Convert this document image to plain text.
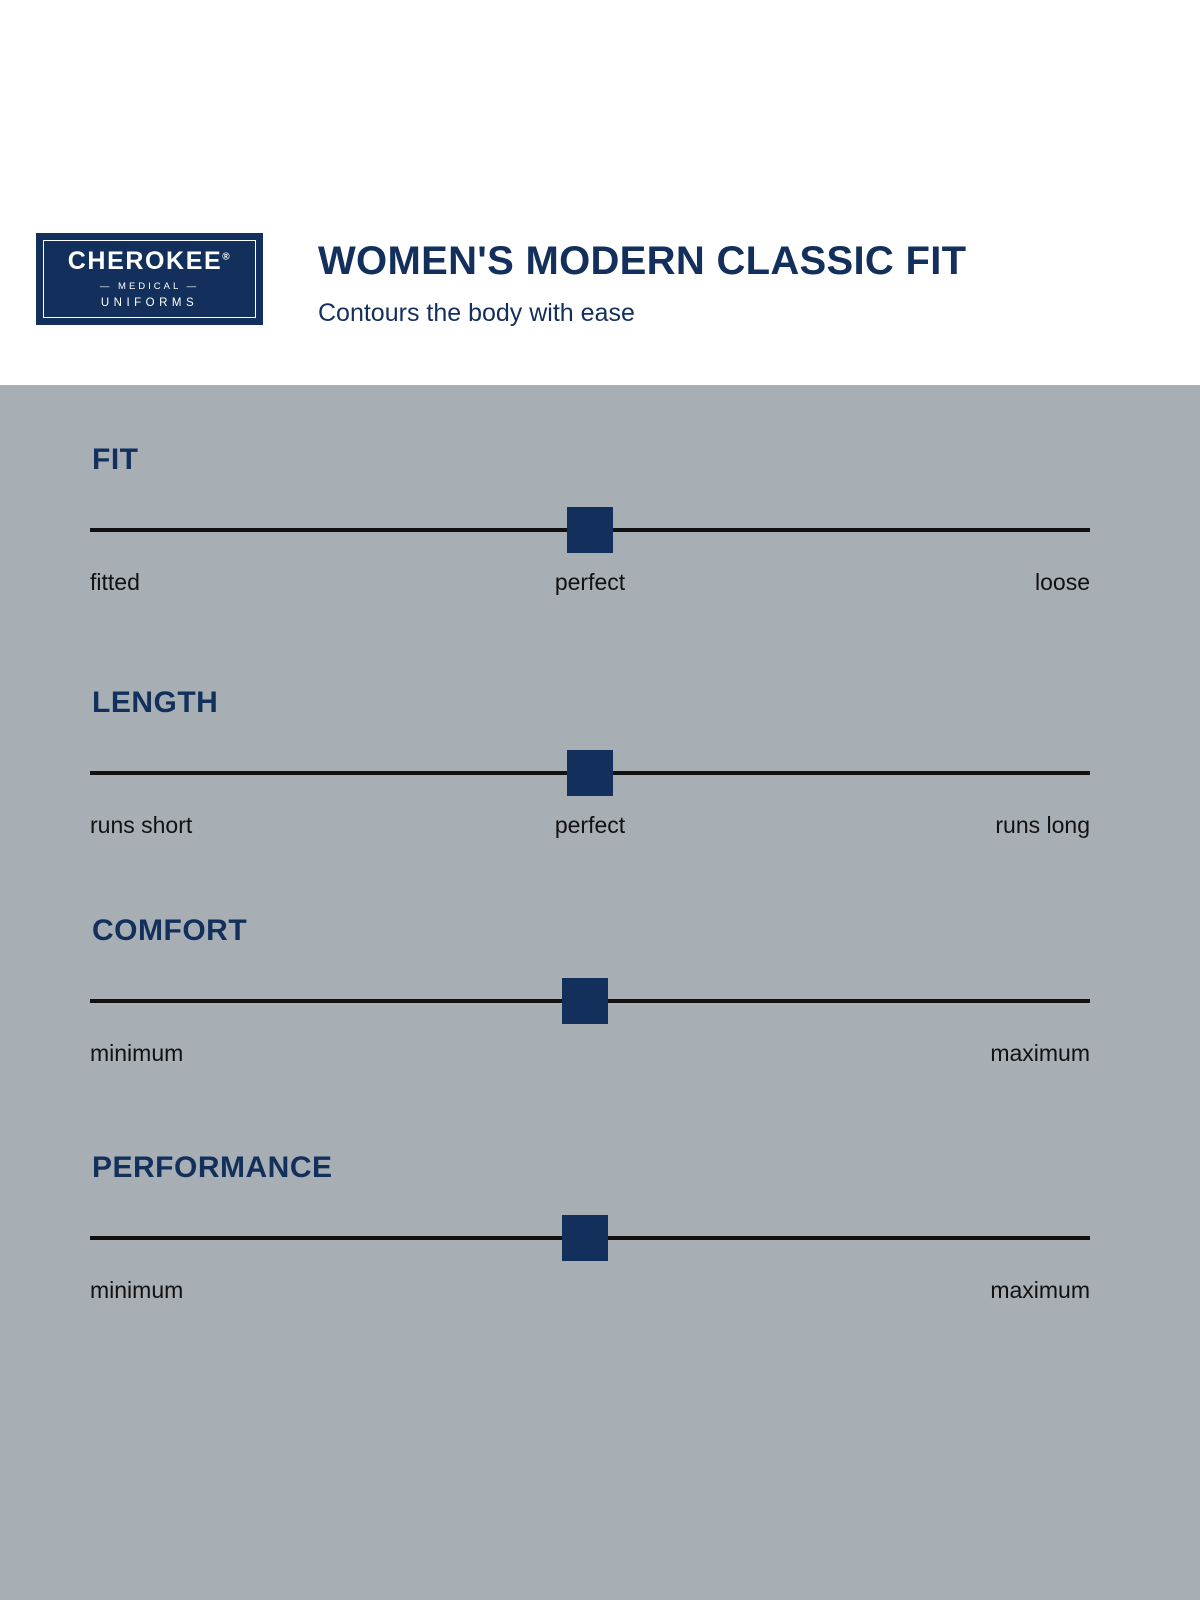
CHEROKEE®
— MEDICAL —
UNIFORMS
WOMEN'S MODERN CLASSIC FIT
Contours the body with ease
FIT
fitted	perfect	loose
LENGTH
runs short	perfect	runs long
COMFORT
minimum	maximum
PERFORMANCE
minimum	maximum
